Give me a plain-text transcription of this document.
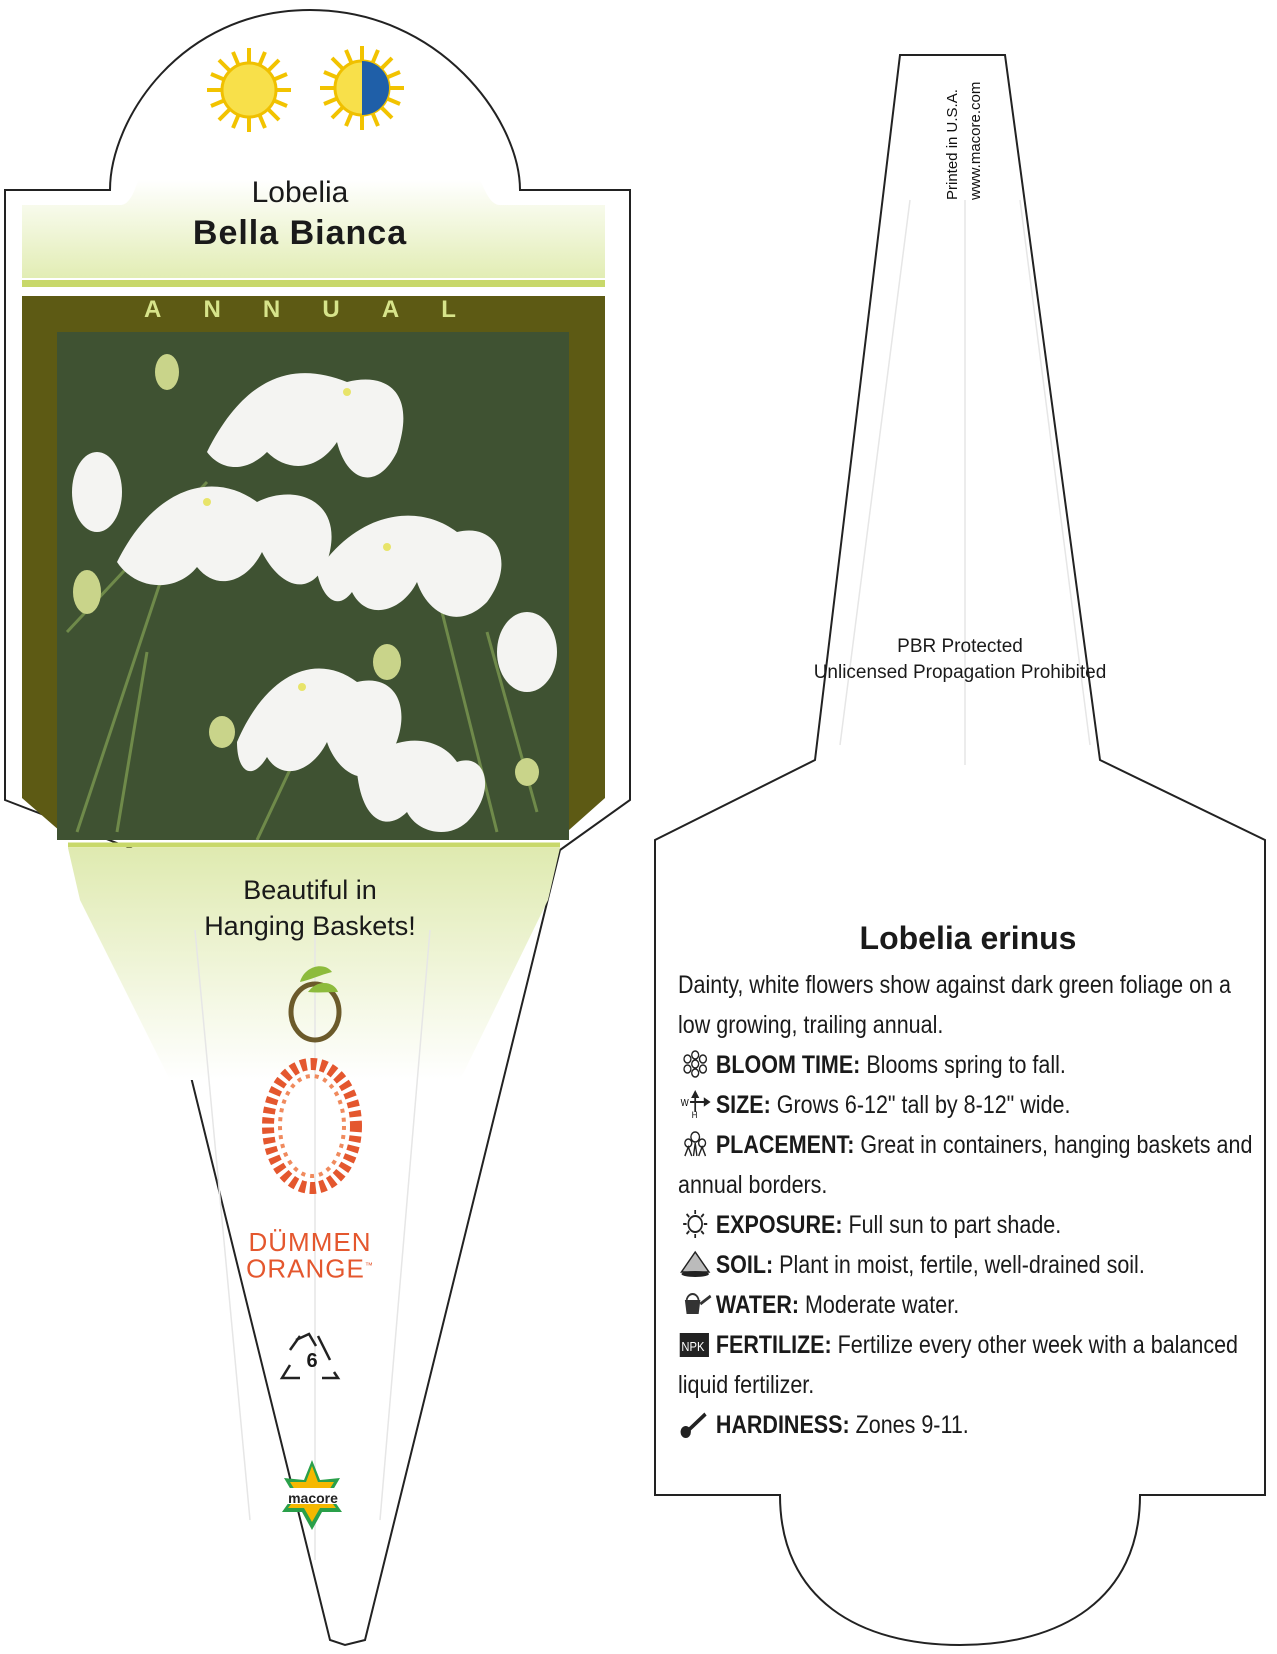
Lobelia
Bella Bianca
A N N U A L
Beautiful in
Hanging Baskets!
DÜMMEN
ORANGE™
6
macore
Printed in U.S.A. www.macore.com
PBR Protected
Unlicensed Propagation Prohibited
Lobelia erinus
Dainty, white flowers show against dark green foliage on a low growing, trailing annual.
BLOOM TIME: Blooms spring to fall.
W
H SIZE: Grows 6-12" tall by 8-12" wide.
PLACEMENT: Great in containers, hanging baskets and annual borders.
EXPOSURE: Full sun to part shade.
SOIL: Plant in moist, fertile, well-drained soil.
WATER: Moderate water.
NPK FERTILIZE: Fertilize every other week with a balanced liquid fertilizer.
HARDINESS: Zones 9-11.
